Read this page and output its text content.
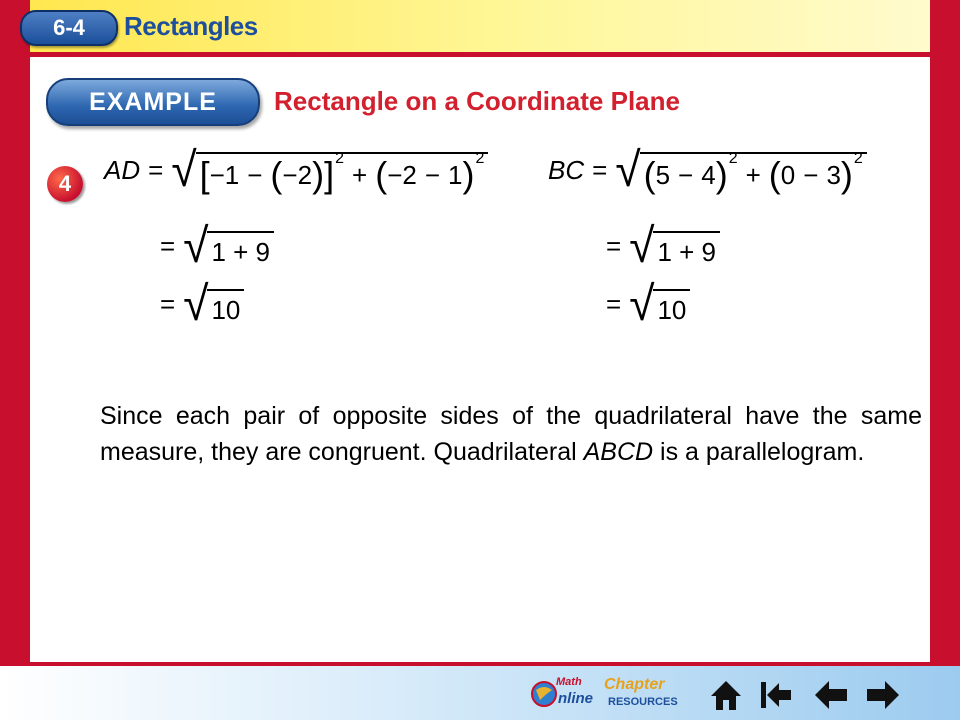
6-4	Rectangles
EXAMPLE	Rectangle on a Coordinate Plane
4	AD = √ [ −1 − ( −2 ) ] 2
+ ( −2 − 1 ) 2
= √ 1 + 9
= √ 10
BC = √ ( 5 − 4 ) 2
+ ( 0 − 3 ) 2
= √ 1 + 9
= √ 10
Since each pair of opposite sides of the quadrilateral have the same measure, they are congruent. Quadrilateral ABCD is a parallelogram.
Math
nline
Chapter
RESOURCES
